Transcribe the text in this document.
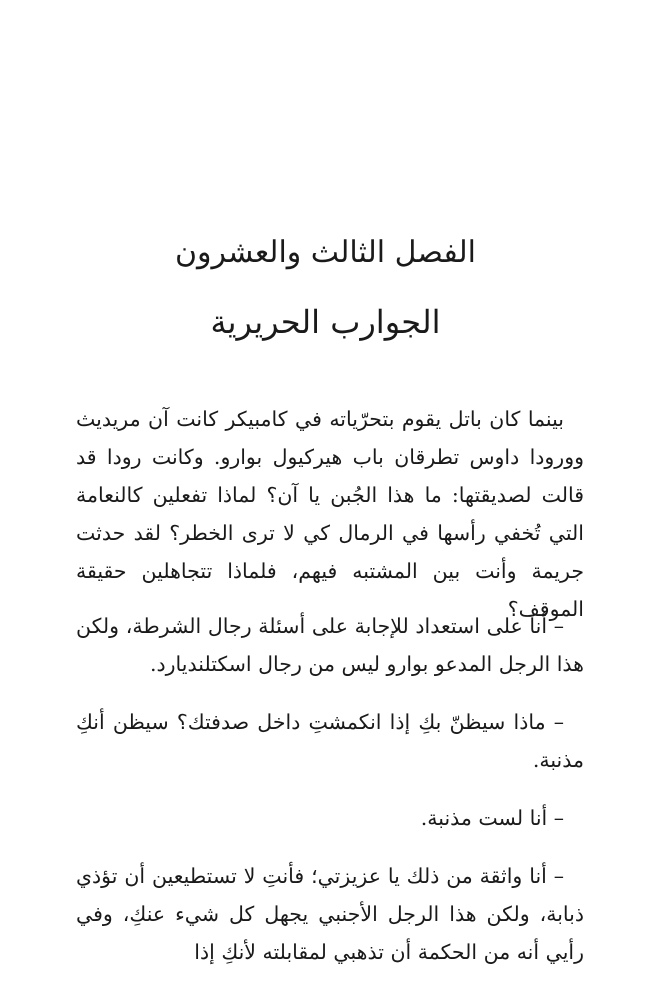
الفصل الثالث والعشرون
الجوارب الحريرية

بينما كان باتل يقوم بتحرّياته في كامبيكر كانت آن مريديث وورودا داوس تطرقان باب هيركيول بوارو. وكانت رودا قد قالت لصديقتها: ما هذا الجُبن يا آن؟ لماذا تفعلين كالنعامة التي تُخفي رأسها في الرمال كي لا ترى الخطر؟ لقد حدثت جريمة وأنت بين المشتبه فيهم، فلماذا تتجاهلين حقيقة الموقف؟

– أنا على استعداد للإجابة على أسئلة رجال الشرطة، ولكن هذا الرجل المدعو بوارو ليس من رجال اسكتلنديارد.

– ماذا سيظنّ بكِ إذا انكمشتِ داخل صدفتك؟ سيظن أنكِ مذنبة.

– أنا لست مذنبة.

– أنا واثقة من ذلك يا عزيزتي؛ فأنتِ لا تستطيعين أن تؤذي ذبابة، ولكن هذا الرجل الأجنبي يجهل كل شيء عنكِ، وفي رأيي أنه من الحكمة أن تذهبي لمقابلته لأنكِ إذا
